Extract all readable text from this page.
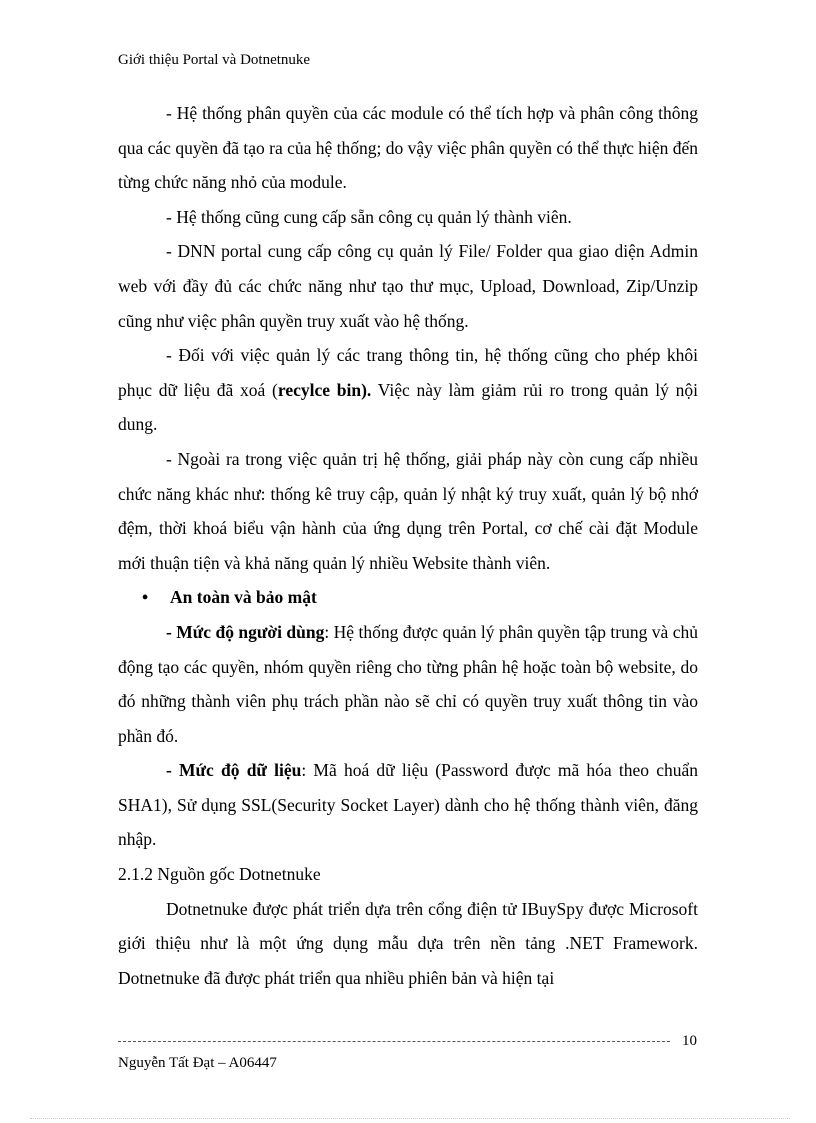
Giới thiệu Portal và Dotnetnuke

- Hệ thống phân quyền của các module có thể tích hợp và phân công thông qua các quyền đã tạo ra của hệ thống; do vậy việc phân quyền có thể thực hiện đến từng chức năng nhỏ của module.

- Hệ thống cũng cung cấp sẵn công cụ quản lý thành viên.

- DNN portal cung cấp công cụ quản lý File/ Folder qua giao diện Admin web với đầy đủ các chức năng như tạo thư mục, Upload, Download, Zip/Unzip cũng như việc phân quyền truy xuất vào hệ thống.

- Đối với việc quản lý các trang thông tin, hệ thống cũng cho phép khôi phục dữ liệu đã xoá (recylce bin). Việc này làm giảm rủi ro trong quản lý nội dung.

- Ngoài ra trong việc quản trị hệ thống, giải pháp này còn cung cấp nhiều chức năng khác như: thống kê truy cập, quản lý nhật ký truy xuất, quản lý bộ nhớ đệm, thời khoá biểu vận hành của ứng dụng trên Portal, cơ chế cài đặt Module mới thuận tiện và khả năng quản lý nhiều Website thành viên.

• An toàn và bảo mật

- Mức độ người dùng: Hệ thống được quản lý phân quyền tập trung và chủ động tạo các quyền, nhóm quyền riêng cho từng phân hệ hoặc toàn bộ website, do đó những thành viên phụ trách phần nào sẽ chỉ có quyền truy xuất thông tin vào phần đó.

- Mức độ dữ liệu: Mã hoá dữ liệu (Password được mã hóa theo chuẩn SHA1), Sử dụng SSL(Security Socket Layer) dành cho hệ thống thành viên, đăng nhập.

2.1.2 Nguồn gốc Dotnetnuke

Dotnetnuke được phát triển dựa trên cổng điện tử IBuySpy được Microsoft giới thiệu như là một ứng dụng mẫu dựa trên nền tảng .NET Framework. Dotnetnuke đã được phát triển qua nhiều phiên bản và hiện tại

10
Nguyễn Tất Đạt – A06447
